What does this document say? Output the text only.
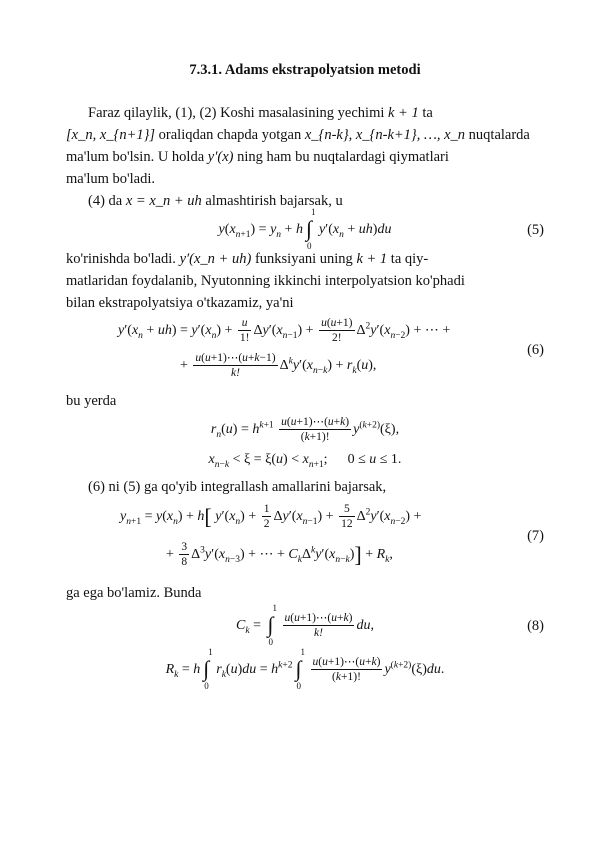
7.3.1. Adams ekstrapolyatsion metodi

Faraz qilaylik, (1), (2) Koshi masalasining yechimi k + 1 ta

[x_n, x_{n+1}] oraliqdan chapda yotgan x_{n-k}, x_{n-k+1}, …, x_n nuqtalarda

ma'lum bo'lsin. U holda y′(x) ning ham bu nuqtalardagi qiymatlari

ma'lum bo'ladi.

(4) da x = x_n + uh almashtirish bajarsak, u

$y(x_{n+1}) = y_n + h$
1
∫
0
$y'(x_n + uh)du$	(5)

ko'rinishda bo'ladi. y′(x_n + uh) funksiyani uning k + 1 ta qiy-

matlaridan foydalanib, Nyutonning ikkinchi interpolyatsion ko'phadi

bilan ekstrapolyatsiya o'tkazamiz, ya'ni

$y'(x_n + uh) = y'(x_n) + \frac{u}{1!} \Delta y'(x_{n-1}) + \frac{u(u+1)}{2!} \Delta^2y'(x_{n-2})$ + ⋯ +
+ $\frac{u(u+1)\cdots(u+k-1)}{k!} \Delta^ky'(x_{n-k}) + r_k(u)$,
(6)

bu yerda

$r_n(u) = h^{k+1} \frac{u(u+1)\cdots(u+k)}{(k+1)!} y^{(k+2)}(\xi)$,
$x_{n-k} < \xi = \xi(u) < x_{n+1}$; 0 ≤ u ≤ 1.

(6) ni (5) ga qo'yib integrallash amallarini bajarsak,

$y_{n+1} = y(x_n) + h$[ $y'(x_n) + \frac{1}{2} \Delta y'(x_{n-1}) + \frac{5}{12} \Delta^2y'(x_{n-2})$ +
+ $\frac{3}{8} \Delta^3y'(x_{n-3})$ + ⋯ + $C_k\Delta^ky'(x_{n-k})] + R_k$,
(7)

ga ega bo'lamiz. Bunda

$C_k$ =
1
∫
0
$\frac{u(u+1)\cdots(u+k)}{k!}$ du,	(8)
$R_k = h$
1
∫
0
$r_k(u)du = h^{k+2}$
1
∫
0
$\frac{u(u+1)\cdots(u+k)}{(k+1)!} y^{(k+2)}(\xi)du$.
